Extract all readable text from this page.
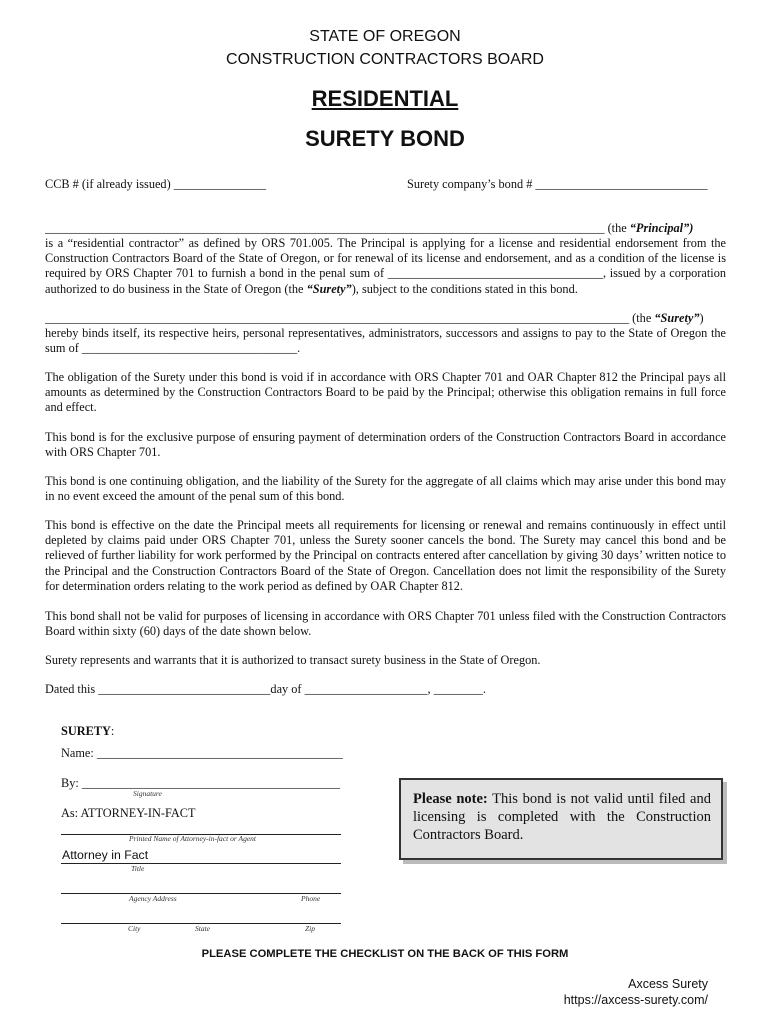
STATE OF OREGON
CONSTRUCTION CONTRACTORS BOARD
RESIDENTIAL
SURETY BOND
CCB # (if already issued) _______________	Surety company’s bond # ____________________________
___________________________________________________________________________________________ (the “Principal”)

is a “residential contractor” as defined by ORS 701.005. The Principal is applying for a license and residential endorsement from the Construction Contractors Board of the State of Oregon, or for renewal of its license and endorsement, and as a condition of the license is required by ORS Chapter 701 to furnish a bond in the penal sum of ___________________________________, issued by a corporation authorized to do business in the State of Oregon (the “Surety”), subject to the conditions stated in this bond.

_______________________________________________________________________________________________ (the “Surety”)

hereby binds itself, its respective heirs, personal representatives, administrators, successors and assigns to pay to the State of Oregon the sum of ___________________________________.

The obligation of the Surety under this bond is void if in accordance with ORS Chapter 701 and OAR Chapter 812 the Principal pays all amounts as determined by the Construction Contractors Board to be paid by the Principal; otherwise this obligation remains in full force and effect.

This bond is for the exclusive purpose of ensuring payment of determination orders of the Construction Contractors Board in accordance with ORS Chapter 701.

This bond is one continuing obligation, and the liability of the Surety for the aggregate of all claims which may arise under this bond may in no event exceed the amount of the penal sum of this bond.

This bond is effective on the date the Principal meets all requirements for licensing or renewal and remains continuously in effect until depleted by claims paid under ORS Chapter 701, unless the Surety sooner cancels the bond. The Surety may cancel this bond and be relieved of further liability for work performed by the Principal on contracts entered after cancellation by giving 30 days’ written notice to the Principal and the Construction Contractors Board of the State of Oregon. Cancellation does not limit the responsibility of the Surety for determination orders relating to the work period as defined by OAR Chapter 812.

This bond shall not be valid for purposes of licensing in accordance with ORS Chapter 701 unless filed with the Construction Contractors Board within sixty (60) days of the date shown below.

Surety represents and warrants that it is authorized to transact surety business in the State of Oregon.

Dated this ____________________________day of ____________________, ________.
SURETY:
Name: ________________________________________
By: __________________________________________
Signature
As: ATTORNEY-IN-FACT
Printed Name of Attorney-in-fact or Agent
Attorney in Fact
Title
Agency Address	Phone
City	State	Zip
Please note: This bond is not valid until filed and licensing is completed with the Construction Contractors Board.
PLEASE COMPLETE THE CHECKLIST ON THE BACK OF THIS FORM
Axcess Surety
https://axcess-surety.com/
